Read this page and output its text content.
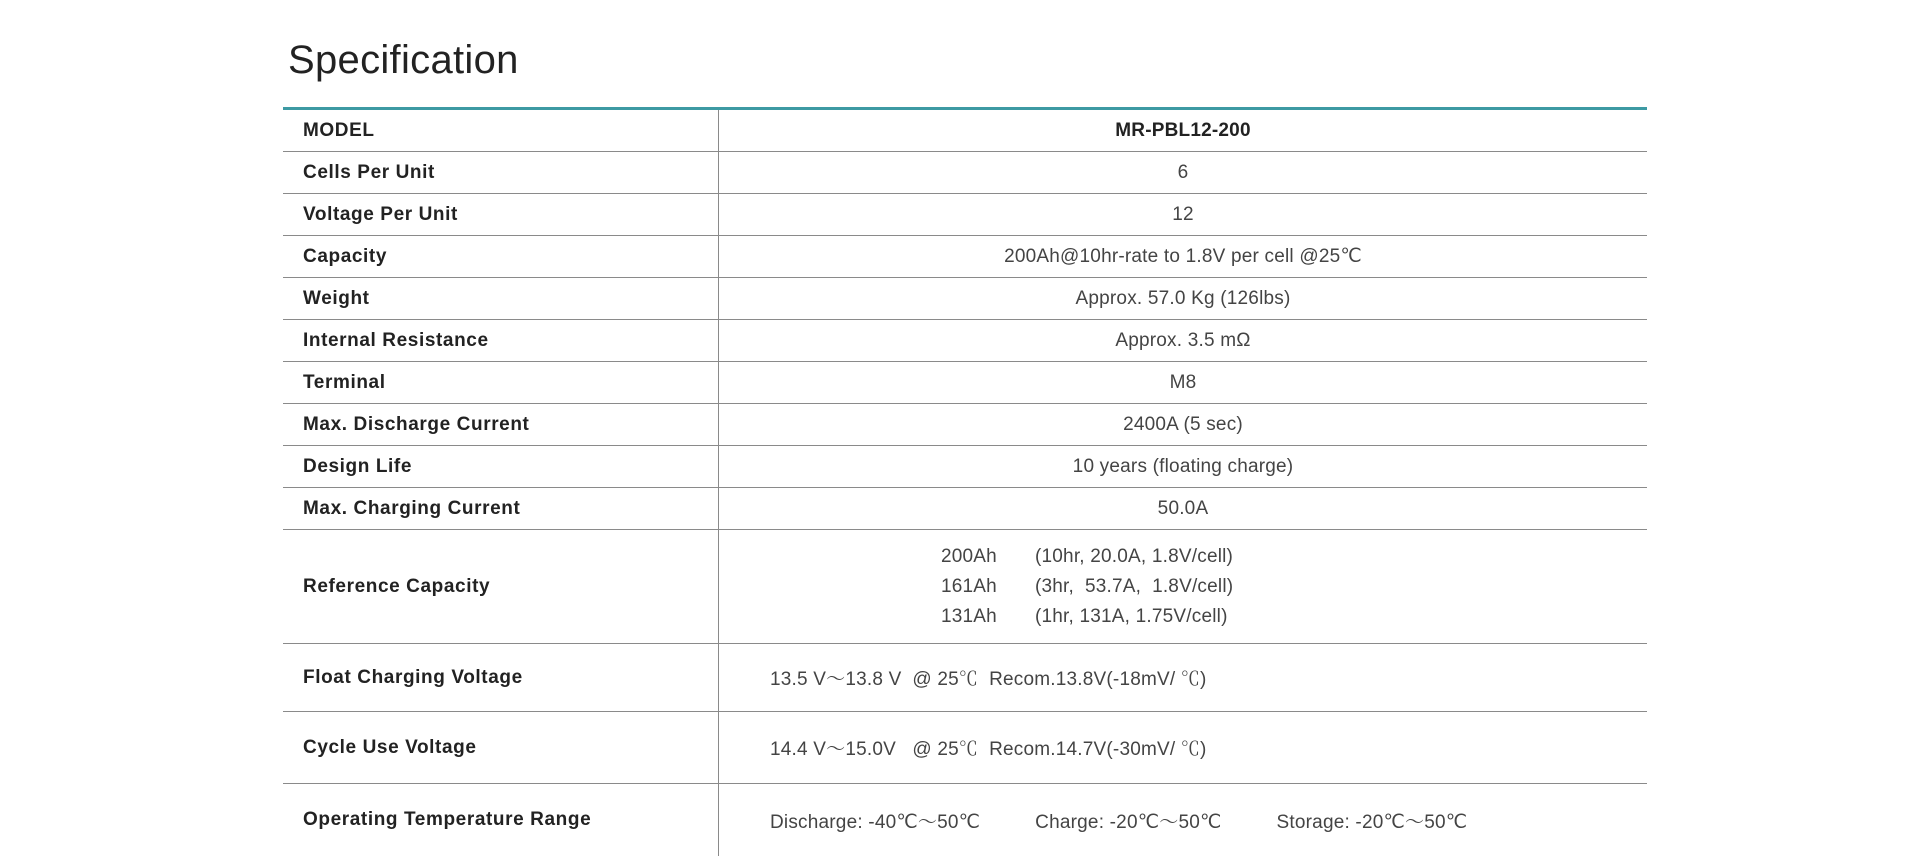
Specification
MODEL	MR-PBL12-200
Cells Per Unit	6
Voltage Per Unit	12
Capacity	200Ah@10hr-rate to 1.8V per cell @25℃
Weight	Approx. 57.0 Kg (126lbs)
Internal Resistance	Approx. 3.5 mΩ
Terminal	M8
Max. Discharge Current	2400A (5 sec)
Design Life	10 years (floating charge)
Max. Charging Current	50.0A
Reference Capacity
200Ah	(10hr, 20.0A, 1.8V/cell)
161Ah	(3hr,  53.7A,  1.8V/cell)
131Ah	(1hr, 131A, 1.75V/cell)
Float Charging Voltage	13.5 V～13.8 V  @ 25℃  Recom.13.8V(-18mV/ ℃)
Cycle Use Voltage	14.4 V～15.0V   @ 25℃  Recom.14.7V(-30mV/ ℃)
Operating Temperature Range	Discharge: -40℃～50℃	Charge: -20℃～50℃	Storage: -20℃～50℃
